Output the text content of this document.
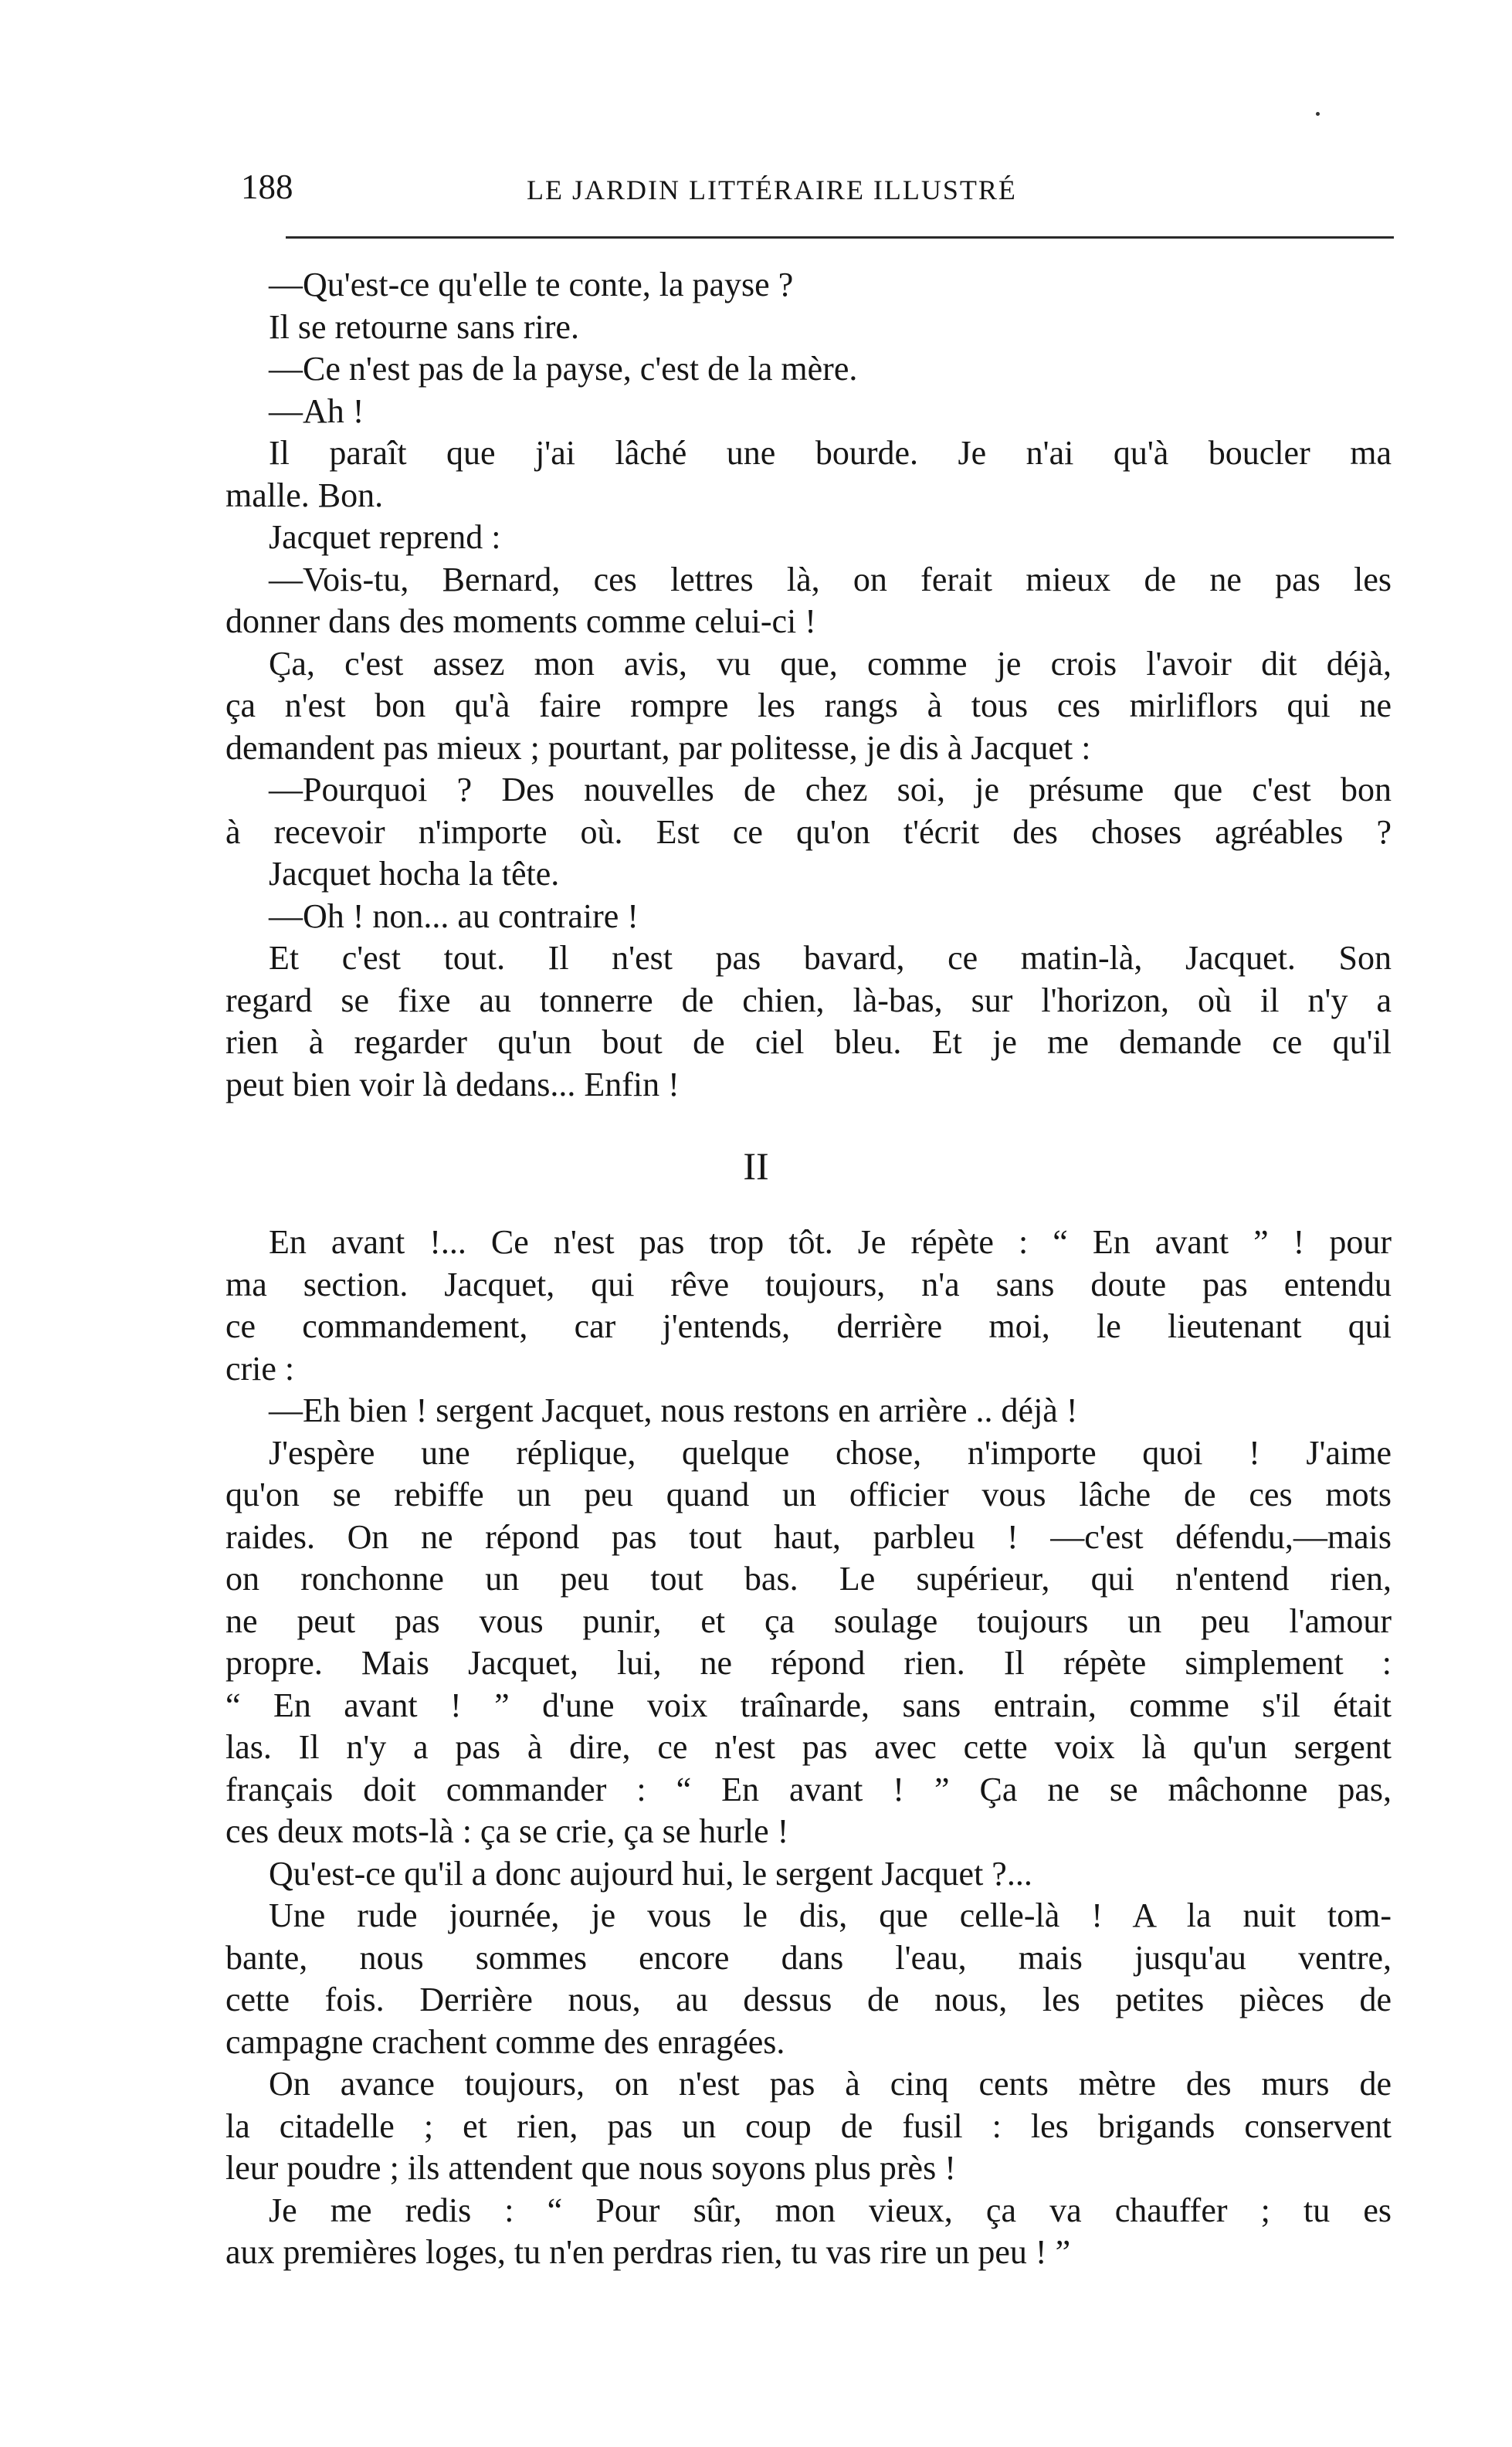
188	LE JARDIN LITTÉRAIRE ILLUSTRÉ
—Qu'est-ce qu'elle te conte, la payse ?
Il se retourne sans rire.
—Ce n'est pas de la payse, c'est de la mère.
—Ah !
Il paraît que j'ai lâché une bourde. Je n'ai qu'à boucler ma
malle. Bon.
Jacquet reprend :
—Vois-tu, Bernard, ces lettres là, on ferait mieux de ne pas les
donner dans des moments comme celui-ci !
Ça, c'est assez mon avis, vu que, comme je crois l'avoir dit déjà,
ça n'est bon qu'à faire rompre les rangs à tous ces mirliflors qui ne
demandent pas mieux ; pourtant, par politesse, je dis à Jacquet :
—Pourquoi ? Des nouvelles de chez soi, je présume que c'est bon
à recevoir n'importe où. Est ce qu'on t'écrit des choses agréables ?
Jacquet hocha la tête.
—Oh ! non... au contraire !
Et c'est tout. Il n'est pas bavard, ce matin-là, Jacquet. Son
regard se fixe au tonnerre de chien, là-bas, sur l'horizon, où il n'y a
rien à regarder qu'un bout de ciel bleu. Et je me demande ce qu'il
peut bien voir là dedans... Enfin !
II
En avant !... Ce n'est pas trop tôt. Je répète : “ En avant ” ! pour
ma section. Jacquet, qui rêve toujours, n'a sans doute pas entendu
ce commandement, car j'entends, derrière moi, le lieutenant qui
crie :
—Eh bien ! sergent Jacquet, nous restons en arrière .. déjà !
J'espère une réplique, quelque chose, n'importe quoi ! J'aime
qu'on se rebiffe un peu quand un officier vous lâche de ces mots
raides. On ne répond pas tout haut, parbleu ! —c'est défendu,—mais
on ronchonne un peu tout bas. Le supérieur, qui n'entend rien,
ne peut pas vous punir, et ça soulage toujours un peu l'amour
propre. Mais Jacquet, lui, ne répond rien. Il répète simplement :
“ En avant ! ” d'une voix traînarde, sans entrain, comme s'il était
las. Il n'y a pas à dire, ce n'est pas avec cette voix là qu'un sergent
français doit commander : “ En avant ! ” Ça ne se mâchonne pas,
ces deux mots-là : ça se crie, ça se hurle !
Qu'est-ce qu'il a donc aujourd hui, le sergent Jacquet ?...
Une rude journée, je vous le dis, que celle-là ! A la nuit tom-
bante, nous sommes encore dans l'eau, mais jusqu'au ventre,
cette fois. Derrière nous, au dessus de nous, les petites pièces de
campagne crachent comme des enragées.
On avance toujours, on n'est pas à cinq cents mètre des murs de
la citadelle ; et rien, pas un coup de fusil : les brigands conservent
leur poudre ; ils attendent que nous soyons plus près !
Je me redis : “ Pour sûr, mon vieux, ça va chauffer ; tu es
aux premières loges, tu n'en perdras rien, tu vas rire un peu ! ”
